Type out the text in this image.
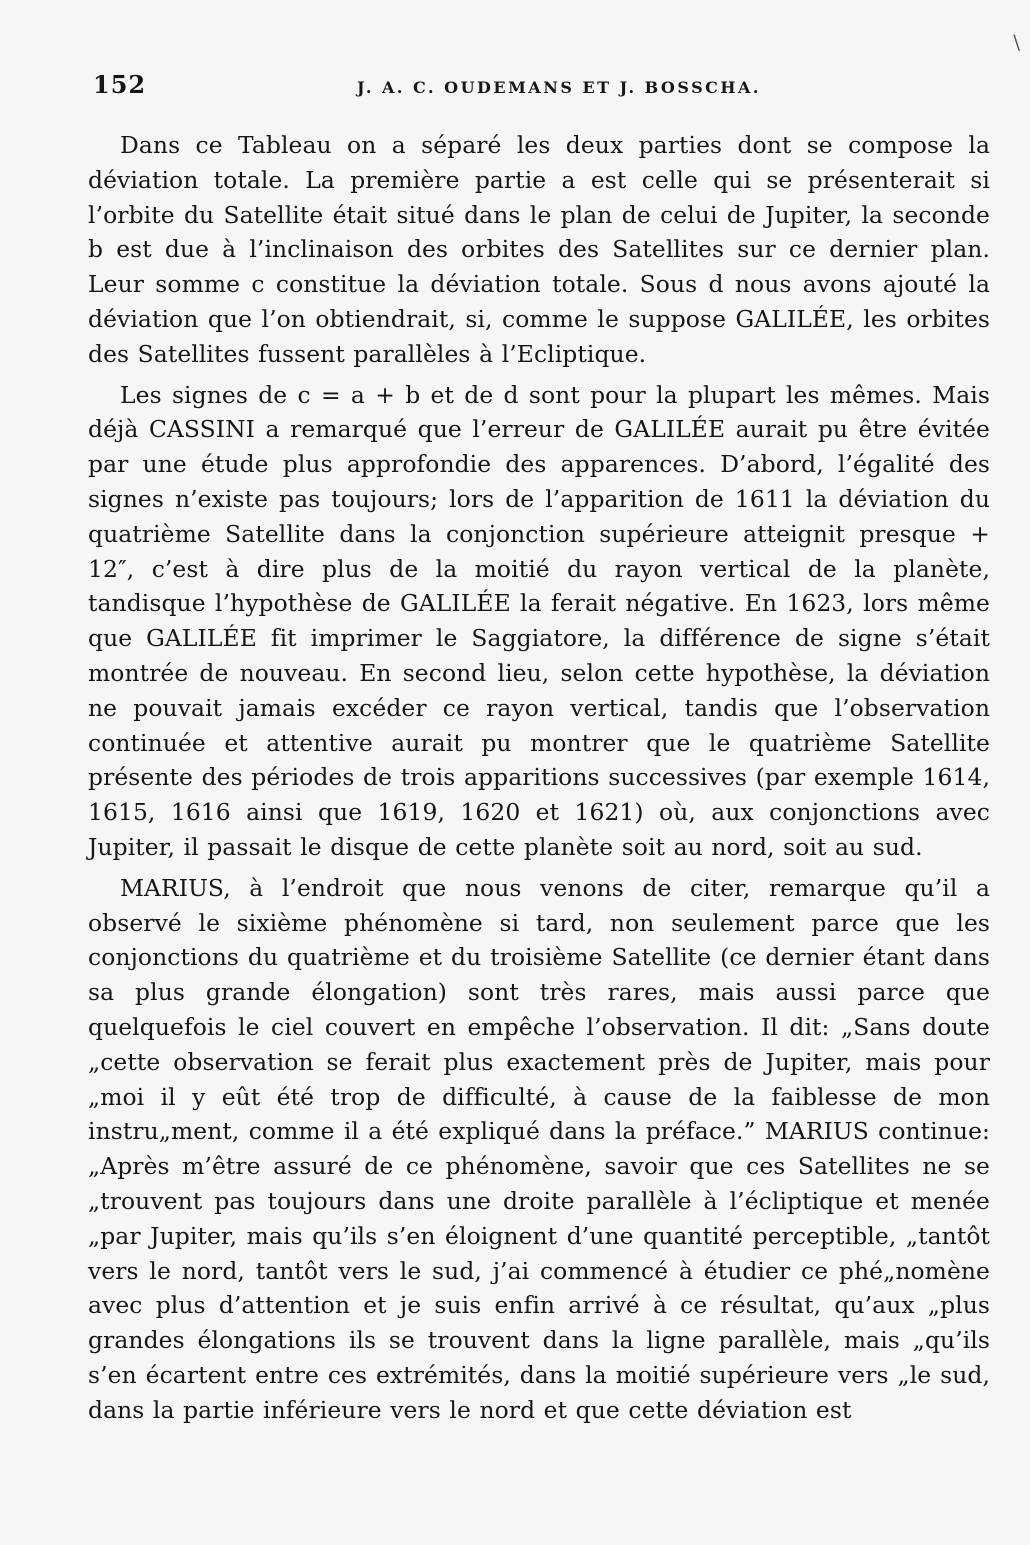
\
152	J. A. C. OUDEMANS ET J. BOSSCHA.

Dans ce Tableau on a séparé les deux parties dont se compose la déviation totale. La première partie a est celle qui se présenterait si l’orbite du Satellite était situé dans le plan de celui de Jupiter, la seconde b est due à l’inclinaison des orbites des Satellites sur ce dernier plan. Leur somme c constitue la déviation totale. Sous d nous avons ajouté la déviation que l’on obtiendrait, si, comme le suppose GALILÉE, les orbites des Satellites fussent parallèles à l’Ecliptique.

Les signes de c = a + b et de d sont pour la plupart les mêmes. Mais déjà CASSINI a remarqué que l’erreur de GALILÉE aurait pu être évitée par une étude plus approfondie des apparences. D’abord, l’égalité des signes n’existe pas toujours; lors de l’apparition de 1611 la déviation du quatrième Satellite dans la conjonction supérieure atteignit presque + 12″, c’est à dire plus de la moitié du rayon vertical de la planète, tandisque l’hypothèse de GALILÉE la ferait négative. En 1623, lors même que GALILÉE fit imprimer le Saggiatore, la différence de signe s’était montrée de nouveau. En second lieu, selon cette hypothèse, la déviation ne pouvait jamais excéder ce rayon vertical, tandis que l’observation continuée et attentive aurait pu montrer que le quatrième Satellite présente des périodes de trois apparitions successives (par exemple 1614, 1615, 1616 ainsi que 1619, 1620 et 1621) où, aux conjonctions avec Jupiter, il passait le disque de cette planète soit au nord, soit au sud.

MARIUS, à l’endroit que nous venons de citer, remarque qu’il a observé le sixième phénomène si tard, non seulement parce que les conjonctions du quatrième et du troisième Satellite (ce dernier étant dans sa plus grande élongation) sont très rares, mais aussi parce que quelquefois le ciel couvert en empêche l’observation. Il dit: „Sans doute „cette observation se ferait plus exactement près de Jupiter, mais pour „moi il y eût été trop de difficulté, à cause de la faiblesse de mon instru„ment, comme il a été expliqué dans la préface.” MARIUS continue: „Après m’être assuré de ce phénomène, savoir que ces Satellites ne se „trouvent pas toujours dans une droite parallèle à l’écliptique et menée „par Jupiter, mais qu’ils s’en éloignent d’une quantité perceptible, „tantôt vers le nord, tantôt vers le sud, j’ai commencé à étudier ce phé„nomène avec plus d’attention et je suis enfin arrivé à ce résultat, qu’aux „plus grandes élongations ils se trouvent dans la ligne parallèle, mais „qu’ils s’en écartent entre ces extrémités, dans la moitié supérieure vers „le sud, dans la partie inférieure vers le nord et que cette déviation est
